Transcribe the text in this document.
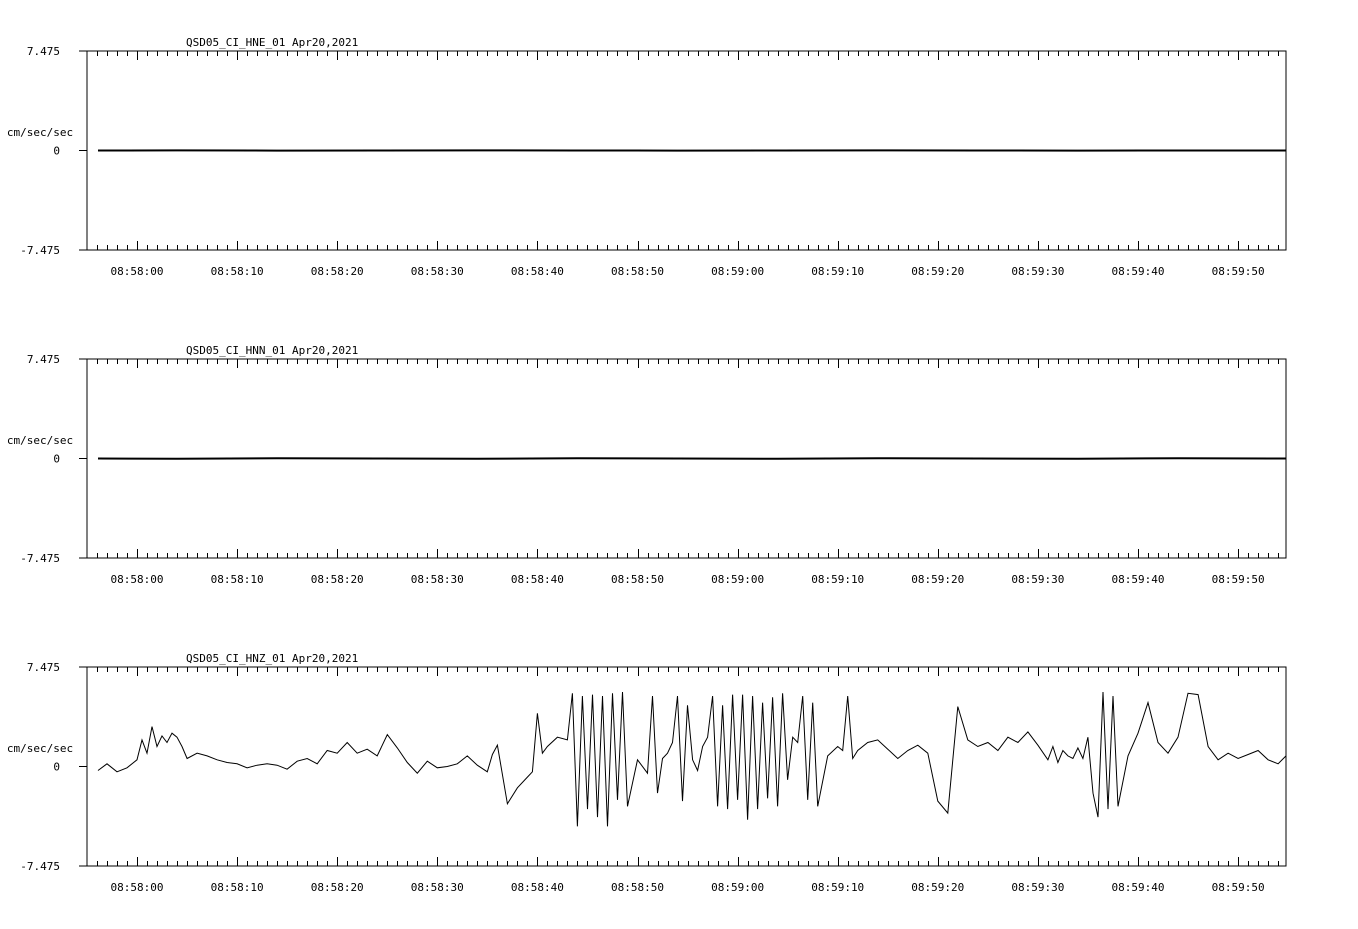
QSD05_CI_HNE_01 Apr20,2021
cm/sec/sec
7.475
0
-7.475
08:58:00	08:58:10	08:58:20	08:58:30	08:58:40	08:58:50	08:59:00	08:59:10	08:59:20	08:59:30	08:59:40	08:59:50
QSD05_CI_HNN_01 Apr20,2021
cm/sec/sec
7.475
0
-7.475
08:58:00	08:58:10	08:58:20	08:58:30	08:58:40	08:58:50	08:59:00	08:59:10	08:59:20	08:59:30	08:59:40	08:59:50
QSD05_CI_HNZ_01 Apr20,2021
cm/sec/sec
7.475
0
-7.475
08:58:00	08:58:10	08:58:20	08:58:30	08:58:40	08:58:50	08:59:00	08:59:10	08:59:20	08:59:30	08:59:40	08:59:50
